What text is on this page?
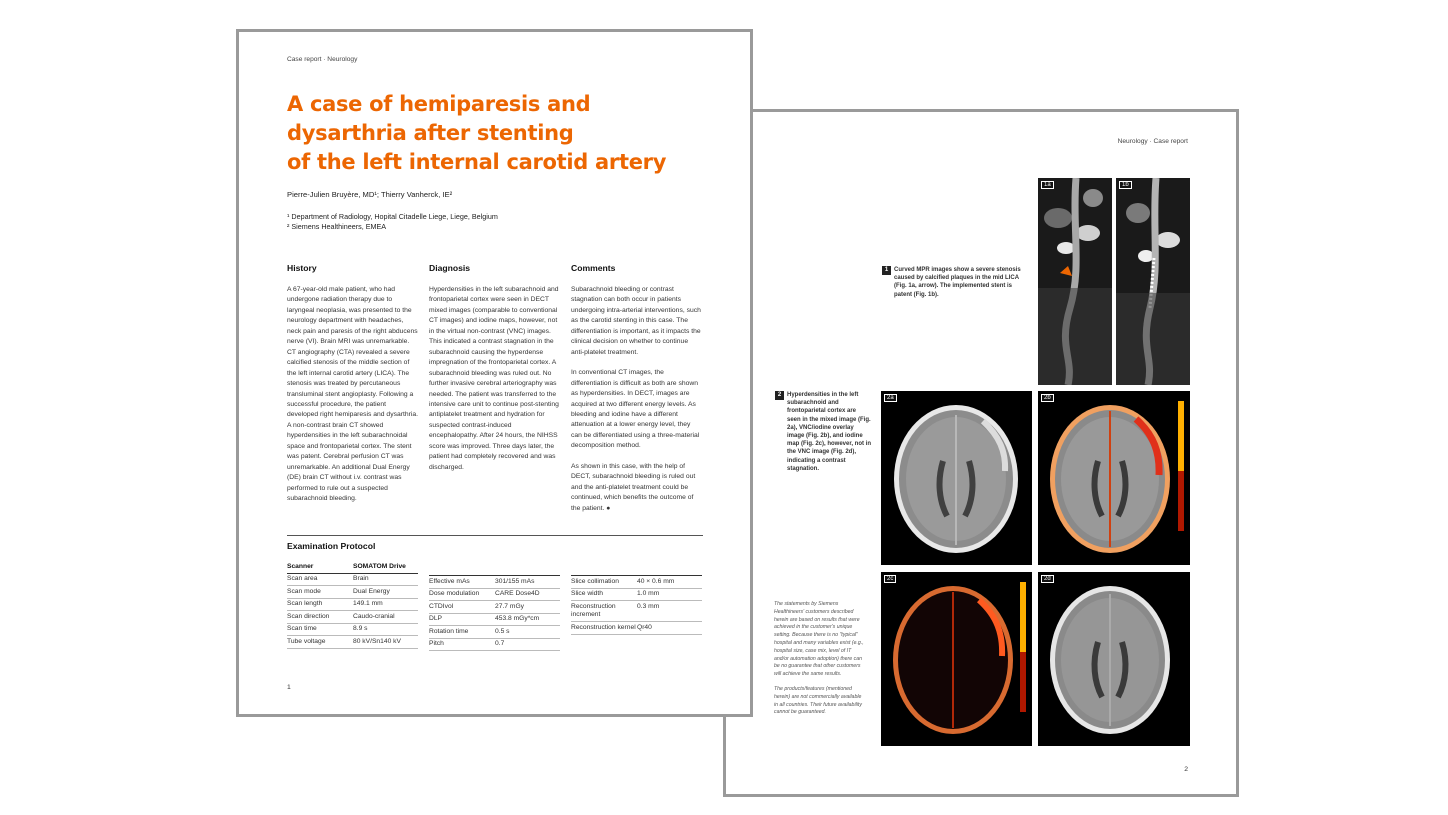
Case report · Neurology
A case of hemiparesis and
dysarthria after stenting
of the left internal carotid artery
Pierre-Julien Bruyère, MD¹; Thierry Vanherck, IE²
¹ Department of Radiology, Hopital Citadelle Liege, Liege, Belgium
² Siemens Healthineers, EMEA
History

A 67-year-old male patient, who had undergone radiation therapy due to laryngeal neoplasia, was presented to the neurology department with headaches, neck pain and paresis of the right abducens nerve (VI). Brain MRI was unremarkable. CT angiography (CTA) revealed a severe calcified stenosis of the middle section of the left internal carotid artery (LICA). The stenosis was treated by percutaneous transluminal stent angioplasty. Following a successful procedure, the patient developed right hemiparesis and dysarthria. A non-contrast brain CT showed hyperdensities in the left subarachnoidal space and frontoparietal cortex. The stent was patent. Cerebral perfusion CT was unremarkable. An additional Dual Energy (DE) brain CT without i.v. contrast was performed to rule out a suspected subarachnoid bleeding.

Diagnosis

Hyperdensities in the left subarachnoid and frontoparietal cortex were seen in DECT mixed images (comparable to conventional CT images) and iodine maps, however, not in the virtual non-contrast (VNC) images. This indicated a contrast stagnation in the subarachnoid causing the hyperdense impregnation of the frontoparietal cortex. A subarachnoid bleeding was ruled out. No further invasive cerebral arteriography was needed. The patient was transferred to the intensive care unit to continue post-stenting antiplatelet treatment and hydration for suspected contrast-induced encephalopathy. After 24 hours, the NIHSS score was improved. Three days later, the patient had completely recovered and was discharged.

Comments

Subarachnoid bleeding or contrast stagnation can both occur in patients undergoing intra-arterial interventions, such as the carotid stenting in this case. The differentiation is important, as it impacts the clinical decision on whether to continue anti-platelet treatment.

In conventional CT images, the differentiation is difficult as both are shown as hyperdensities. In DECT, images are acquired at two different energy levels. As bleeding and iodine have a different attenuation at a lower energy level, they can be differentiated using a three-material decomposition method.

As shown in this case, with the help of DECT, subarachnoid bleeding is ruled out and the anti-platelet treatment could be continued, which benefits the outcome of the patient. ●

Examination Protocol
Scanner	SOMATOM Drive
Scan area	Brain
Scan mode	Dual Energy
Scan length	149.1 mm
Scan direction	Caudo-cranial
Scan time	8.9 s
Tube voltage	80 kV/Sn140 kV
Effective mAs	301/155 mAs
Dose modulation	CARE Dose4D
CTDIvol	27.7 mGy
DLP	453.8 mGy*cm
Rotation time	0.5 s
Pitch	0.7
Slice collimation	40 × 0.6 mm
Slice width	1.0 mm
Reconstruction increment	0.3 mm
Reconstruction kernel	Qr40
1
Neurology · Case report
1 Curved MPR images show a severe stenosis caused by calcified plaques in the mid LICA (Fig. 1a, arrow). The implemented stent is patent (Fig. 1b).
1a	1b
2 Hyperdensities in the left subarachnoid and frontoparietal cortex are seen in the mixed image (Fig. 2a), VNC/iodine overlay image (Fig. 2b), and iodine map (Fig. 2c), however, not in the VNC image (Fig. 2d), indicating a contrast stagnation.
2a	2b
2c	2d

The statements by Siemens Healthineers' customers described herein are based on results that were achieved in the customer's unique setting. Because there is no "typical" hospital and many variables exist (e.g., hospital size, case mix, level of IT and/or automation adoption) there can be no guarantee that other customers will achieve the same results.

The products/features (mentioned herein) are not commercially available in all countries. Their future availability cannot be guaranteed.

2
